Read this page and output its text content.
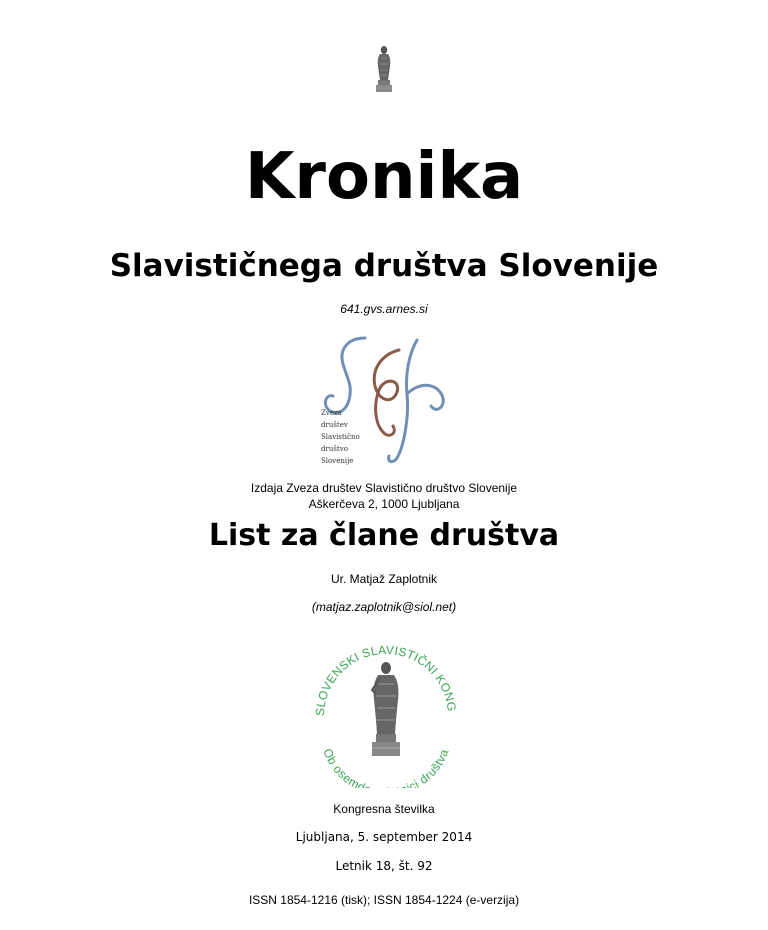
Kronika
Slavističnega društva Slovenije
641.gvs.arnes.si
Zveza
društev
Slavistično
društvo
Slovenije
Izdaja Zveza društev Slavistično društvo Slovenije
Aškerčeva 2, 1000 Ljubljana
List za člane društva
Ur. Matjaž Zaplotnik
(matjaz.zaplotnik@siol.net)
SLOVENSKI SLAVISTIČNI KONG
Ob osemd ici društva
Kongresna številka
Ljubljana, 5. september 2014
Letnik 18, št. 92
ISSN 1854-1216 (tisk); ISSN 1854-1224 (e-verzija)
